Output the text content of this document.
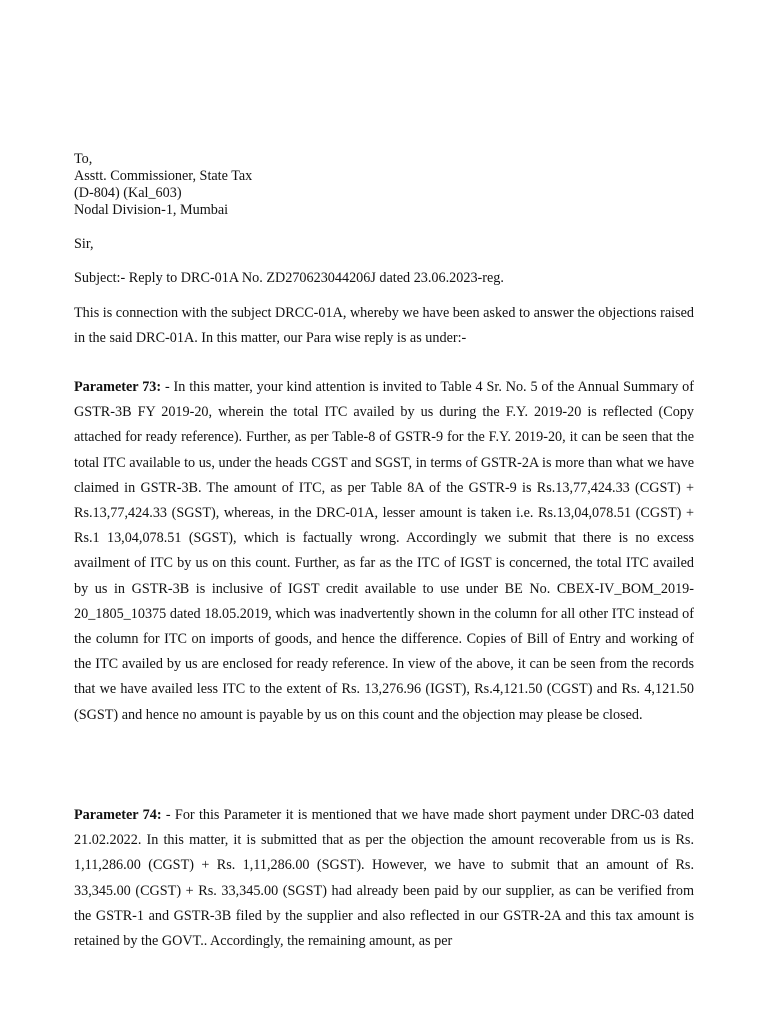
To,
Asstt. Commissioner, State Tax
(D-804) (Kal_603)
Nodal Division-1, Mumbai
Sir,
Subject:- Reply to DRC-01A No. ZD270623044206J dated 23.06.2023-reg.

This is connection with the subject DRCC-01A, whereby we have been asked to answer the objections raised in the said DRC-01A. In this matter, our Para wise reply is as under:-

Parameter 73: - In this matter, your kind attention is invited to Table 4 Sr. No. 5 of the Annual Summary of GSTR-3B FY 2019-20, wherein the total ITC availed by us during the F.Y. 2019-20 is reflected (Copy attached for ready reference). Further, as per Table-8 of GSTR-9 for the F.Y. 2019-20, it can be seen that the total ITC available to us, under the heads CGST and SGST, in terms of GSTR-2A is more than what we have claimed in GSTR-3B. The amount of ITC, as per Table 8A of the GSTR-9 is Rs.13,77,424.33 (CGST) + Rs.13,77,424.33 (SGST), whereas, in the DRC-01A, lesser amount is taken i.e. Rs.13,04,078.51 (CGST) + Rs.1 13,04,078.51 (SGST), which is factually wrong. Accordingly we submit that there is no excess availment of ITC by us on this count. Further, as far as the ITC of IGST is concerned, the total ITC availed by us in GSTR-3B is inclusive of IGST credit available to use under BE No. CBEX-IV_BOM_2019-20_1805_10375 dated 18.05.2019, which was inadvertently shown in the column for all other ITC instead of the column for ITC on imports of goods, and hence the difference. Copies of Bill of Entry and working of the ITC availed by us are enclosed for ready reference. In view of the above, it can be seen from the records that we have availed less ITC to the extent of Rs. 13,276.96 (IGST), Rs.4,121.50 (CGST) and Rs. 4,121.50 (SGST) and hence no amount is payable by us on this count and the objection may please be closed.

Parameter 74: - For this Parameter it is mentioned that we have made short payment under DRC-03 dated 21.02.2022. In this matter, it is submitted that as per the objection the amount recoverable from us is Rs. 1,11,286.00 (CGST) + Rs. 1,11,286.00 (SGST). However, we have to submit that an amount of Rs. 33,345.00 (CGST) + Rs. 33,345.00 (SGST) had already been paid by our supplier, as can be verified from the GSTR-1 and GSTR-3B filed by the supplier and also reflected in our GSTR-2A and this tax amount is retained by the GOVT.. Accordingly, the remaining amount, as per
